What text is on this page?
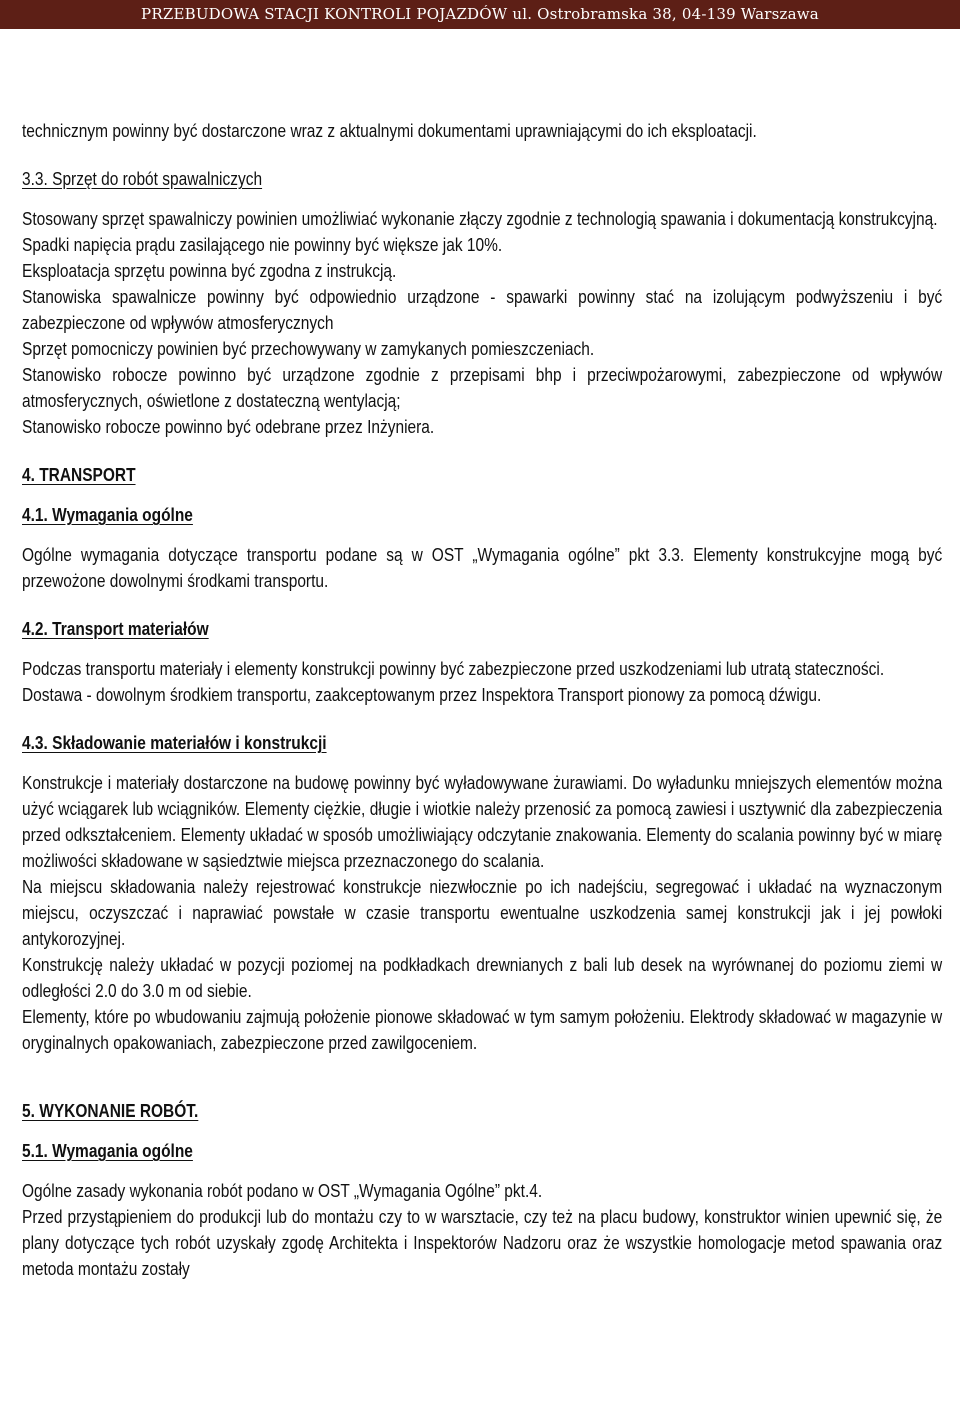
PRZEBUDOWA STACJI KONTROLI POJAZDÓW ul. Ostrobramska 38, 04-139 Warszawa

technicznym powinny być dostarczone wraz z aktualnymi dokumentami uprawniającymi do ich eksploatacji.

3.3. Sprzęt do robót spawalniczych

Stosowany sprzęt spawalniczy powinien umożliwiać wykonanie złączy zgodnie z technologią spawania i dokumentacją konstrukcyjną.

Spadki napięcia prądu zasilającego nie powinny być większe jak 10%.

Eksploatacja sprzętu powinna być zgodna z instrukcją.

Stanowiska spawalnicze powinny być odpowiednio urządzone - spawarki powinny stać na izolującym podwyższeniu i być zabezpieczone od wpływów atmosferycznych

Sprzęt pomocniczy powinien być przechowywany w zamykanych pomieszczeniach.

Stanowisko robocze powinno być urządzone zgodnie z przepisami bhp i przeciwpożarowymi, zabezpieczone od wpływów atmosferycznych, oświetlone z dostateczną wentylacją;

Stanowisko robocze powinno być odebrane przez Inżyniera.

4. TRANSPORT
4.1. Wymagania ogólne

Ogólne wymagania dotyczące transportu podane są w OST „Wymagania ogólne” pkt 3.3. Elementy konstrukcyjne mogą być przewożone dowolnymi środkami transportu.

4.2. Transport materiałów

Podczas transportu materiały i elementy konstrukcji powinny być zabezpieczone przed uszkodzeniami lub utratą stateczności.

Dostawa - dowolnym środkiem transportu, zaakceptowanym przez Inspektora Transport pionowy za pomocą dźwigu.

4.3. Składowanie materiałów i konstrukcji

Konstrukcje i materiały dostarczone na budowę powinny być wyładowywane żurawiami. Do wyładunku mniejszych elementów można użyć wciągarek lub wciągników. Elementy ciężkie, długie i wiotkie należy przenosić za pomocą zawiesi i usztywnić dla zabezpieczenia przed odkształceniem. Elementy układać w sposób umożliwiający odczytanie znakowania. Elementy do scalania powinny być w miarę możliwości składowane w sąsiedztwie miejsca przeznaczonego do scalania.

Na miejscu składowania należy rejestrować konstrukcje niezwłocznie po ich nadejściu, segregować i układać na wyznaczonym miejscu, oczyszczać i naprawiać powstałe w czasie transportu ewentualne uszkodzenia samej konstrukcji jak i jej powłoki antykorozyjnej.

Konstrukcję należy układać w pozycji poziomej na podkładkach drewnianych z bali lub desek na wyrównanej do poziomu ziemi w odległości 2.0 do 3.0 m od siebie.

Elementy, które po wbudowaniu zajmują położenie pionowe składować w tym samym położeniu. Elektrody składować w magazynie w oryginalnych opakowaniach, zabezpieczone przed zawilgoceniem.

5. WYKONANIE ROBÓT.
5.1. Wymagania ogólne

Ogólne zasady wykonania robót podano w OST „Wymagania Ogólne” pkt.4.

Przed przystąpieniem do produkcji lub do montażu czy to w warsztacie, czy też na placu budowy, konstruktor winien upewnić się, że plany dotyczące tych robót uzyskały zgodę Architekta i Inspektorów Nadzoru oraz że wszystkie homologacje metod spawania oraz metoda montażu zostały
